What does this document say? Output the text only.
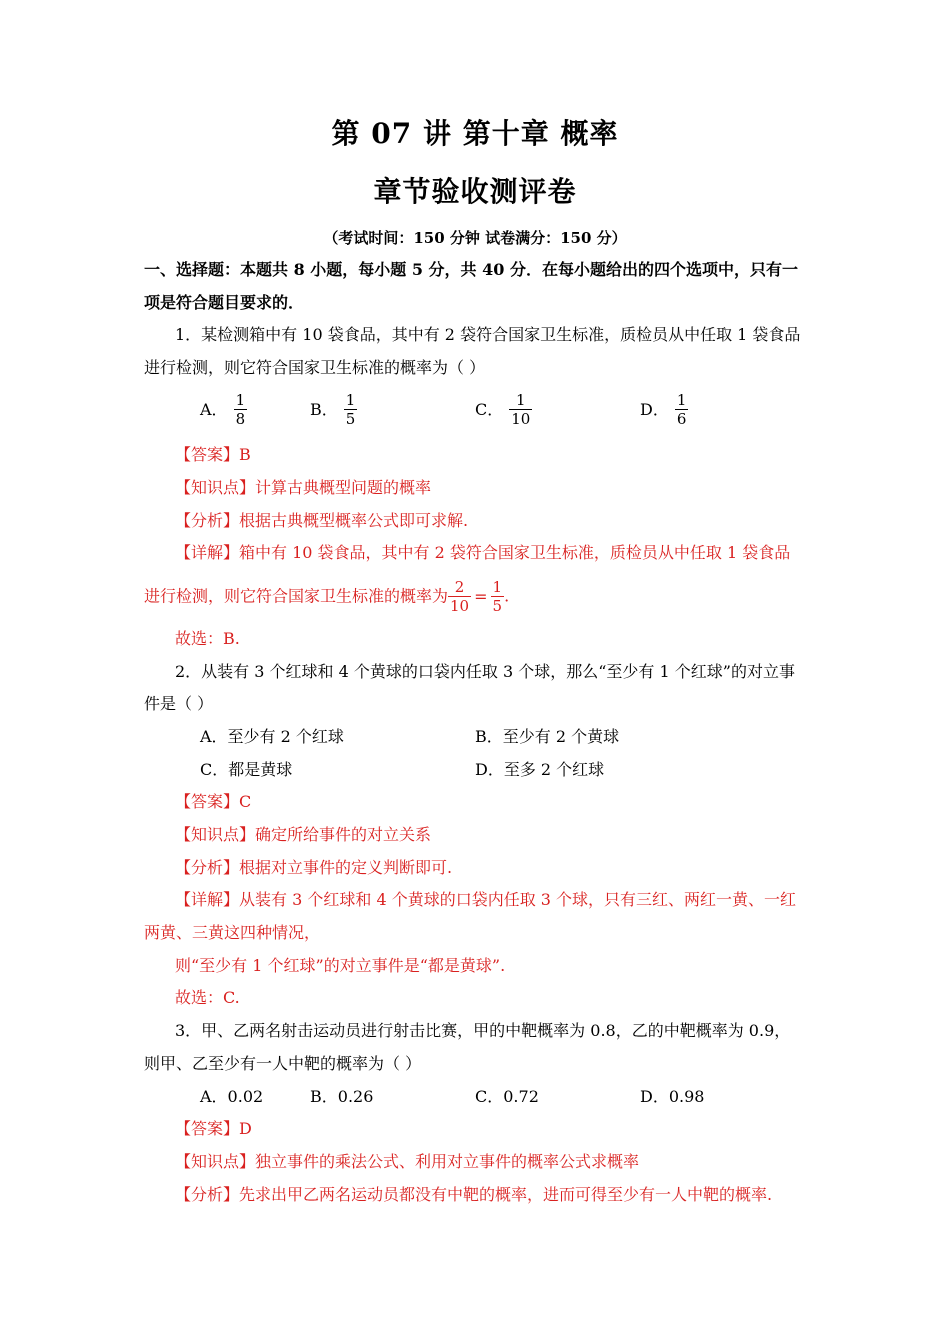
第 07 讲 第十章 概率
章节验收测评卷
（考试时间：150 分钟 试卷满分：150 分）
一、选择题：本题共 8 小题，每小题 5 分，共 40 分．在每小题给出的四个选项中，只有一
项是符合题目要求的．
1．某检测箱中有 10 袋食品，其中有 2 袋符合国家卫生标准，质检员从中任取 1 袋食品
进行检测，则它符合国家卫生标准的概率为（ ）
A． $\frac{1}{8}$	B． $\frac{1}{5}$	C． $\frac{1}{10}$	D． $\frac{1}{6}$
【答案】B
【知识点】计算古典概型问题的概率
【分析】根据古典概型概率公式即可求解.
【详解】箱中有 10 袋食品，其中有 2 袋符合国家卫生标准，质检员从中任取 1 袋食品
进行检测，则它符合国家卫生标准的概率为 $\frac{2}{10} = \frac{1}{5}$ .
故选：B.
2．从装有 3 个红球和 4 个黄球的口袋内任取 3 个球，那么“至少有 1 个红球”的对立事
件是（ ）
A．至少有 2 个红球	B．至少有 2 个黄球
C．都是黄球	D．至多 2 个红球
【答案】C
【知识点】确定所给事件的对立关系
【分析】根据对立事件的定义判断即可.
【详解】从装有 3 个红球和 4 个黄球的口袋内任取 3 个球，只有三红、两红一黄、一红
两黄、三黄这四种情况，
则“至少有 1 个红球”的对立事件是“都是黄球”.
故选：C.
3．甲、乙两名射击运动员进行射击比赛，甲的中靶概率为 0.8，乙的中靶概率为 0.9，
则甲、乙至少有一人中靶的概率为（ ）
A．0.02	B．0.26	C．0.72	D．0.98
【答案】D
【知识点】独立事件的乘法公式、利用对立事件的概率公式求概率
【分析】先求出甲乙两名运动员都没有中靶的概率，进而可得至少有一人中靶的概率.
